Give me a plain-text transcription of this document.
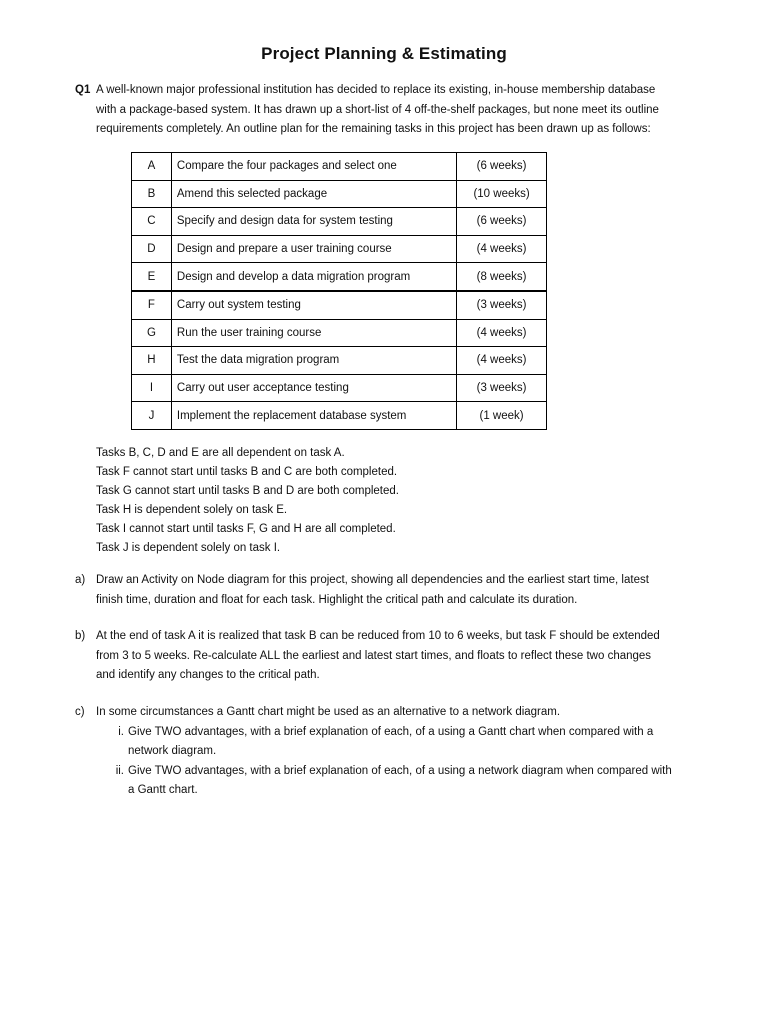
Project Planning & Estimating
Q1 A well-known major professional institution has decided to replace its existing, in-house membership database
with a package-based system. It has drawn up a short-list of 4 off-the-shelf packages, but none meet its outline
requirements completely. An outline plan for the remaining tasks in this project has been drawn up as follows:
A	Compare the four packages and select one	(6 weeks)
B	Amend this selected package	(10 weeks)
C	Specify and design data for system testing	(6 weeks)
D	Design and prepare a user training course	(4 weeks)
E	Design and develop a data migration program	(8 weeks)
F	Carry out system testing	(3 weeks)
G	Run the user training course	(4 weeks)
H	Test the data migration program	(4 weeks)
I	Carry out user acceptance testing	(3 weeks)
J	Implement the replacement database system	(1 week)
Tasks B, C, D and E are all dependent on task A.
Task F cannot start until tasks B and C are both completed.
Task G cannot start until tasks B and D are both completed.
Task H is dependent solely on task E.
Task I cannot start until tasks F, G and H are all completed.
Task J is dependent solely on task I.
a) Draw an Activity on Node diagram for this project, showing all dependencies and the earliest start time, latest
finish time, duration and float for each task. Highlight the critical path and calculate its duration.
b) At the end of task A it is realized that task B can be reduced from 10 to 6 weeks, but task F should be extended
from 3 to 5 weeks. Re-calculate ALL the earliest and latest start times, and floats to reflect these two changes
and identify any changes to the critical path.
c) In some circumstances a Gantt chart might be used as an alternative to a network diagram.
i. Give TWO advantages, with a brief explanation of each, of a using a Gantt chart when compared with a
network diagram.
ii. Give TWO advantages, with a brief explanation of each, of a using a network diagram when compared with
a Gantt chart.
